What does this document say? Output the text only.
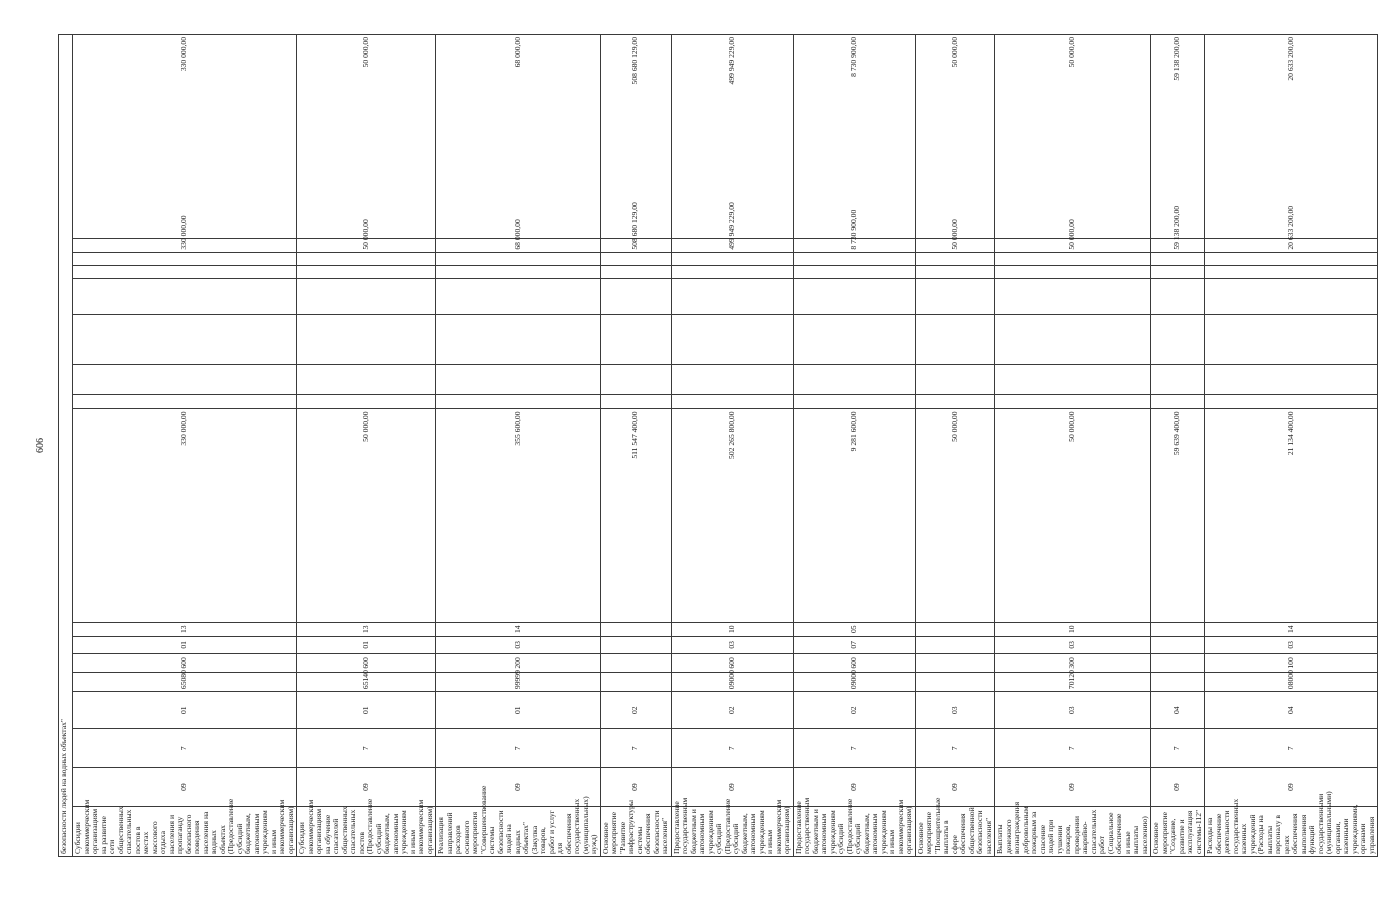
606
безопасности людей на водных объектах"																
Субсидии некоммерческим организациям на развитие сети общественных спасательных постов в местах массового отдыха населения и пропаганду безопасного поведения населения на водных объектах (Предоставление субсидий бюджетным, автономным учреждениям и иным некоммерческим организациям)	09	7	01	65080	600	01	13	330 000,00							330 000,00	330 000,00
Субсидии некоммерческим организациям на обучение спасателей общественных спасательных постов (Предоставление субсидий бюджетным, автономным учреждениям и иным некоммерческим организациям)	09	7	01	65140	600	01	13	50 000,00							50 000,00	50 000,00
Реализация направлений расходов основного мероприятия "Совершенствование системы безопасности людей на водных объектах" (Закупка товаров, работ и услуг для обеспечения государственных (муниципальных) нужд)	09	7	01	99999	200	03	14	355 600,00							68 000,00	68 000,00
Основное мероприятие "Развитие инфраструктуры системы обеспечения безопасности населения"	09	7	02					511 547 400,00							508 680 129,00	508 680 129,00
Предоставление государственным бюджетным и автономным учреждениям субсидий (Предоставление субсидий бюджетным, автономным учреждениям и иным некоммерческим организациям)	09	7	02	09000	600	03	10	502 265 800,00							499 949 229,00	499 949 229,00
Предоставление государственным бюджетным и автономным учреждениям субсидий (Предоставление субсидий бюджетным, автономным учреждениям и иным некоммерческим организациям)	09	7	02	09000	600	07	05	9 281 600,00							8 730 900,00	8 730 900,00
Основное мероприятие "Поощрительные выплаты в сфере обеспечения общественной безопасности населения"	09	7	03					50 000,00							50 000,00	50 000,00
Выплаты денежного вознаграждения добровольным пожарным за спасение людей при тушении пожаров, проведении аварийно-спасательных работ (Социальное обеспечение и иные выплаты населению)	09	7	03	70120	300	03	10	50 000,00							50 000,00	50 000,00
Основное мероприятие "Создание, развитие и эксплуатация системы-112"	09	7	04					59 639 400,00							59 138 200,00	59 138 200,00
Расходы на обеспечение деятельности государственных казенных учреждений (Расходы на выплаты персоналу в целях обеспечения выполнения функций государственными (муниципальными) органами, казенными учреждениями, органами управления	09	7	04	08000	100	03	14	21 134 400,00							20 633 200,00	20 633 200,00
